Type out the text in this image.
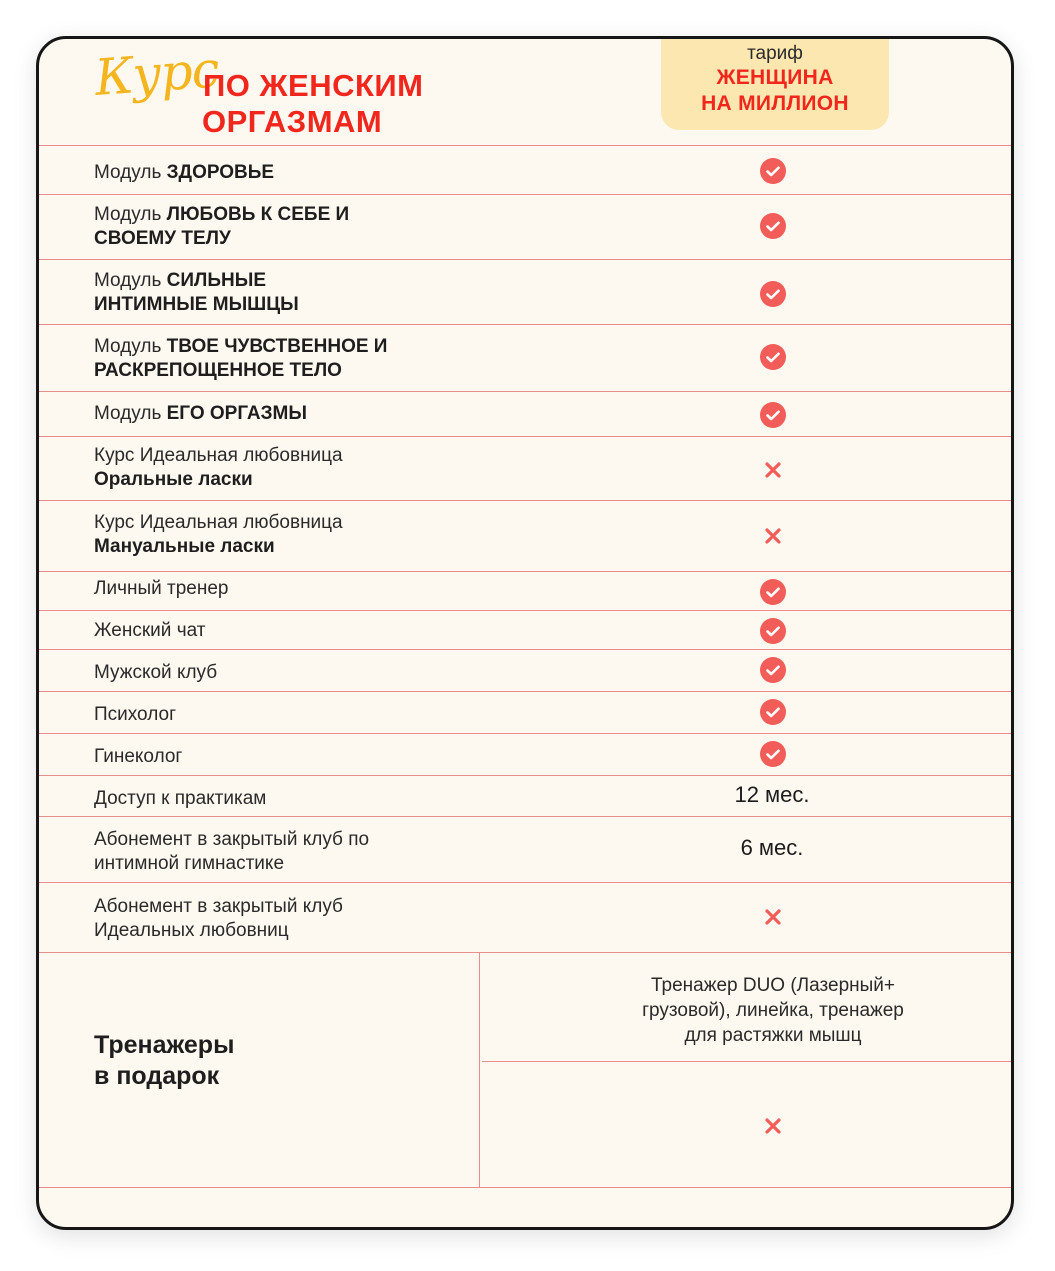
Курс
ПО ЖЕНСКИМ
ОРГАЗМАМ
тариф
ЖЕНЩИНА
НА МИЛЛИОН
Модуль ЗДОРОВЬЕ
Модуль ЛЮБОВЬ К СЕБЕ И СВОЕМУ ТЕЛУ
Модуль СИЛЬНЫЕ ИНТИМНЫЕ МЫШЦЫ
Модуль ТВОЕ ЧУВСТВЕННОЕ И РАСКРЕПОЩЕННОЕ ТЕЛО
Модуль ЕГО ОРГАЗМЫ
Курс Идеальная любовница
Оральные ласки
Курс Идеальная любовница
Мануальные ласки
Личный тренер
Женский чат
Мужской клуб
Психолог
Гинеколог
Доступ к практикам	12 мес.
Абонемент в закрытый клуб по интимной гимнастике
6 мес.
Абонемент в закрытый клуб Идеальных любовниц
Тренажеры
в подарок
Тренажер DUO (Лазерный+
грузовой), линейка, тренажер
для растяжки мышц
